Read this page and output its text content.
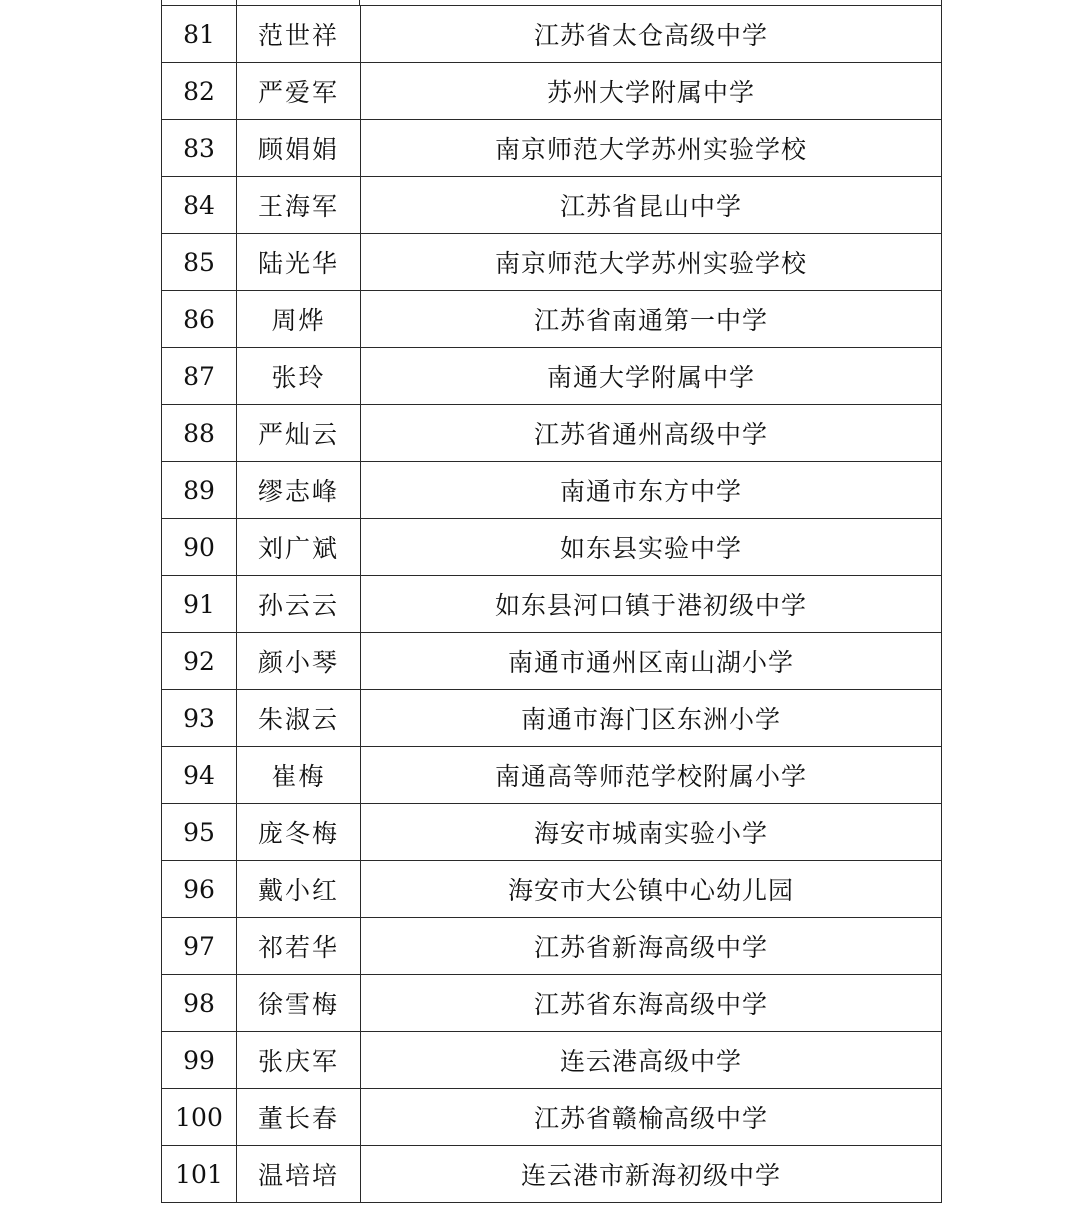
81	范世祥	江苏省太仓高级中学
82	严爱军	苏州大学附属中学
83	顾娟娟	南京师范大学苏州实验学校
84	王海军	江苏省昆山中学
85	陆光华	南京师范大学苏州实验学校
86	周烨	江苏省南通第一中学
87	张玲	南通大学附属中学
88	严灿云	江苏省通州高级中学
89	缪志峰	南通市东方中学
90	刘广斌	如东县实验中学
91	孙云云	如东县河口镇于港初级中学
92	颜小琴	南通市通州区南山湖小学
93	朱淑云	南通市海门区东洲小学
94	崔梅	南通高等师范学校附属小学
95	庞冬梅	海安市城南实验小学
96	戴小红	海安市大公镇中心幼儿园
97	祁若华	江苏省新海高级中学
98	徐雪梅	江苏省东海高级中学
99	张庆军	连云港高级中学
100	董长春	江苏省赣榆高级中学
101	温培培	连云港市新海初级中学
